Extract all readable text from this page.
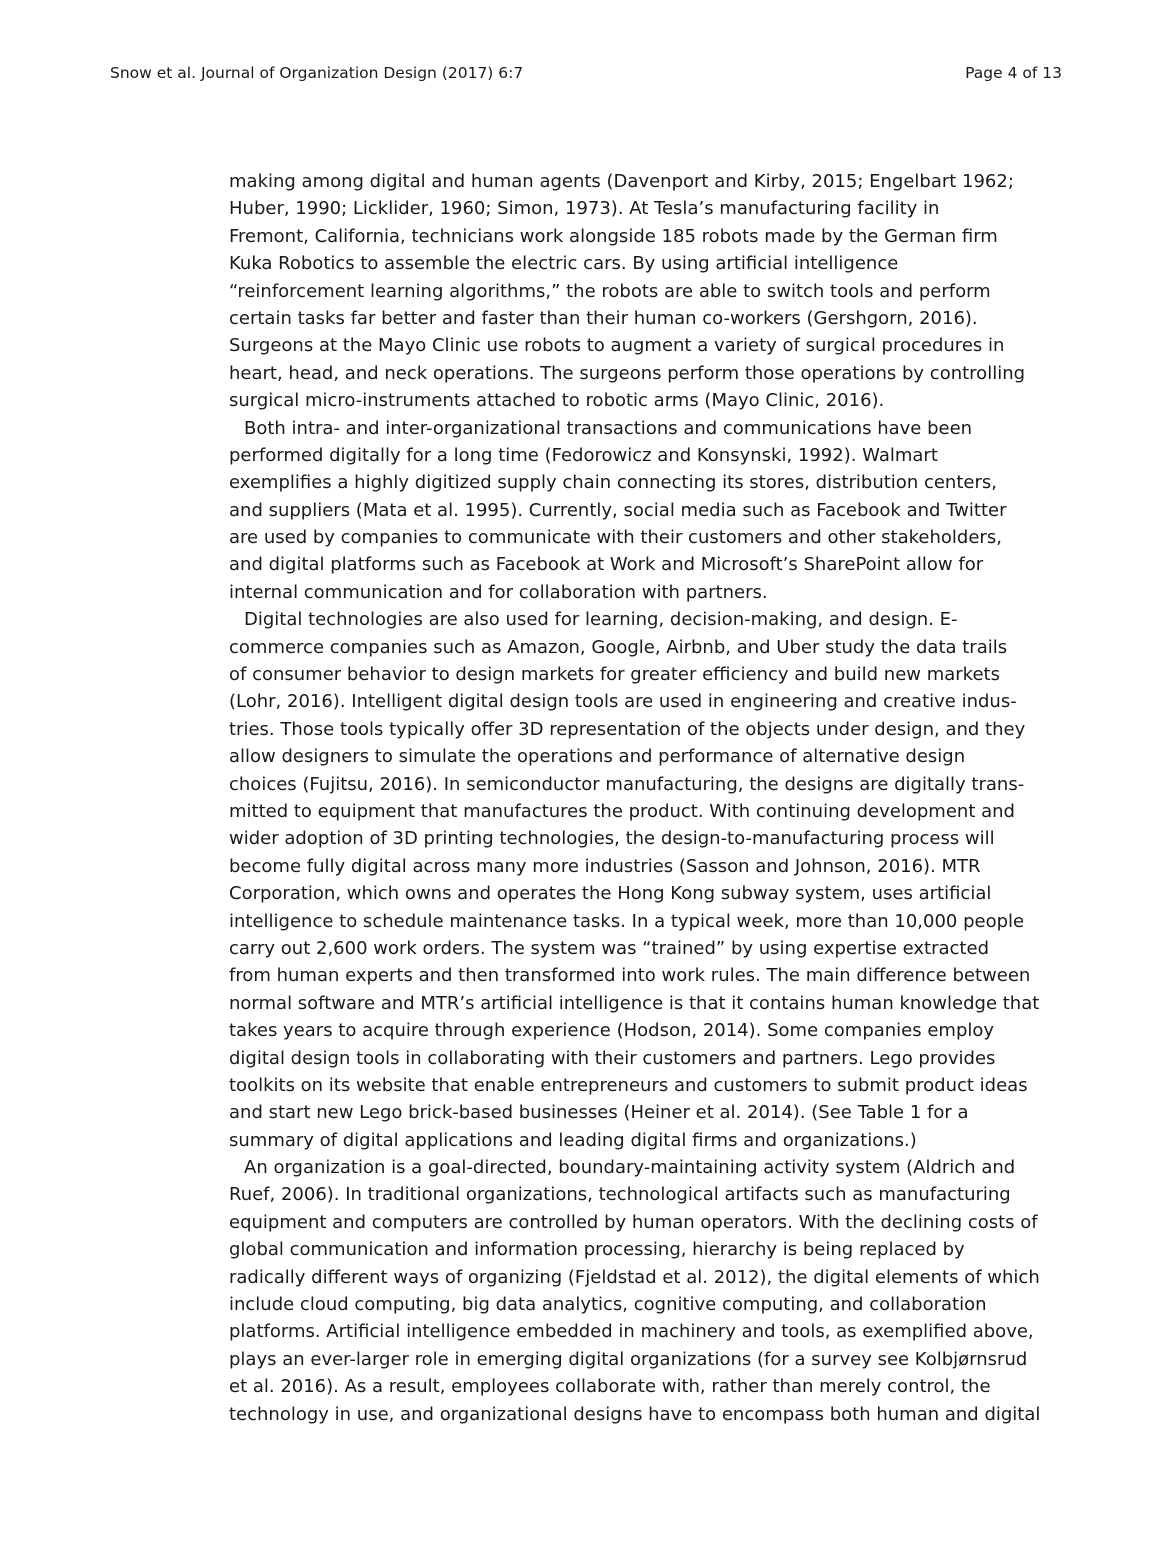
Snow et al. Journal of Organization Design (2017) 6:7	Page 4 of 13
making among digital and human agents (Davenport and Kirby, 2015; Engelbart 1962;
Huber, 1990; Licklider, 1960; Simon, 1973). At Tesla’s manufacturing facility in
Fremont, California, technicians work alongside 185 robots made by the German firm
Kuka Robotics to assemble the electric cars. By using artificial intelligence
“reinforcement learning algorithms,” the robots are able to switch tools and perform
certain tasks far better and faster than their human co-workers (Gershgorn, 2016).
Surgeons at the Mayo Clinic use robots to augment a variety of surgical procedures in
heart, head, and neck operations. The surgeons perform those operations by controlling
surgical micro-instruments attached to robotic arms (Mayo Clinic, 2016).
Both intra- and inter-organizational transactions and communications have been
performed digitally for a long time (Fedorowicz and Konsynski, 1992). Walmart
exemplifies a highly digitized supply chain connecting its stores, distribution centers,
and suppliers (Mata et al. 1995). Currently, social media such as Facebook and Twitter
are used by companies to communicate with their customers and other stakeholders,
and digital platforms such as Facebook at Work and Microsoft’s SharePoint allow for
internal communication and for collaboration with partners.
Digital technologies are also used for learning, decision-making, and design. E-
commerce companies such as Amazon, Google, Airbnb, and Uber study the data trails
of consumer behavior to design markets for greater efficiency and build new markets
(Lohr, 2016). Intelligent digital design tools are used in engineering and creative indus-
tries. Those tools typically offer 3D representation of the objects under design, and they
allow designers to simulate the operations and performance of alternative design
choices (Fujitsu, 2016). In semiconductor manufacturing, the designs are digitally trans-
mitted to equipment that manufactures the product. With continuing development and
wider adoption of 3D printing technologies, the design-to-manufacturing process will
become fully digital across many more industries (Sasson and Johnson, 2016). MTR
Corporation, which owns and operates the Hong Kong subway system, uses artificial
intelligence to schedule maintenance tasks. In a typical week, more than 10,000 people
carry out 2,600 work orders. The system was “trained” by using expertise extracted
from human experts and then transformed into work rules. The main difference between
normal software and MTR’s artificial intelligence is that it contains human knowledge that
takes years to acquire through experience (Hodson, 2014). Some companies employ
digital design tools in collaborating with their customers and partners. Lego provides
toolkits on its website that enable entrepreneurs and customers to submit product ideas
and start new Lego brick-based businesses (Heiner et al. 2014). (See Table 1 for a
summary of digital applications and leading digital firms and organizations.)
An organization is a goal-directed, boundary-maintaining activity system (Aldrich and
Ruef, 2006). In traditional organizations, technological artifacts such as manufacturing
equipment and computers are controlled by human operators. With the declining costs of
global communication and information processing, hierarchy is being replaced by
radically different ways of organizing (Fjeldstad et al. 2012), the digital elements of which
include cloud computing, big data analytics, cognitive computing, and collaboration
platforms. Artificial intelligence embedded in machinery and tools, as exemplified above,
plays an ever-larger role in emerging digital organizations (for a survey see Kolbjørnsrud
et al. 2016). As a result, employees collaborate with, rather than merely control, the
technology in use, and organizational designs have to encompass both human and digital
